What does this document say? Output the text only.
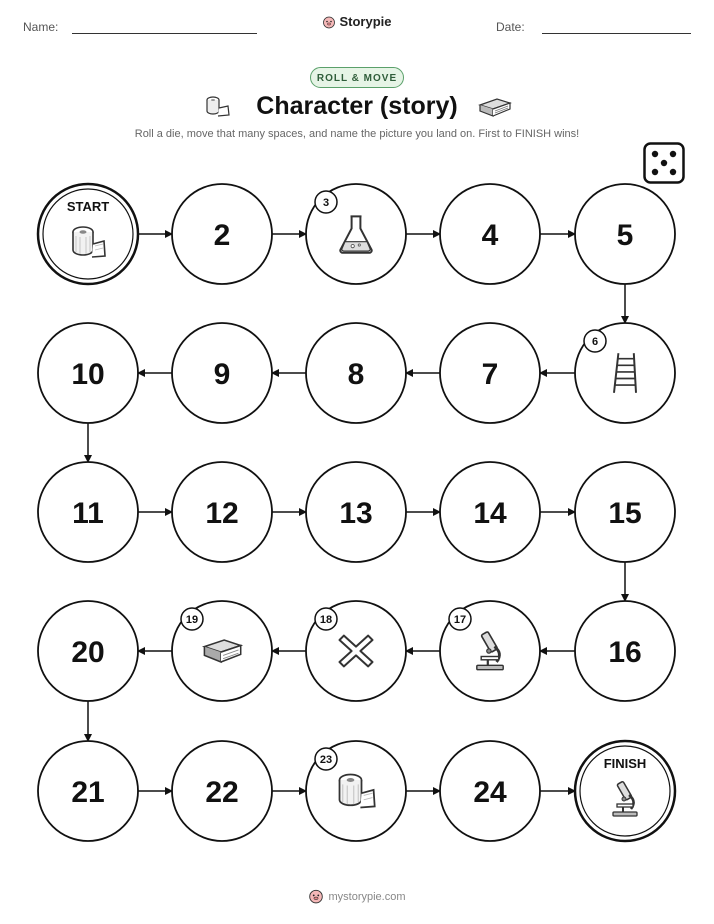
Name:	Storypie	Date:
ROLL & MOVE
Character (story)
Roll a die, move that many spaces, and name the picture you land on. First to FINISH wins!
START
2
3
4	5
6
7
8
9
10
11	12	13	14	15
16
17
18
19
20
21	22
23
24
FINISH
mystorypie.com
